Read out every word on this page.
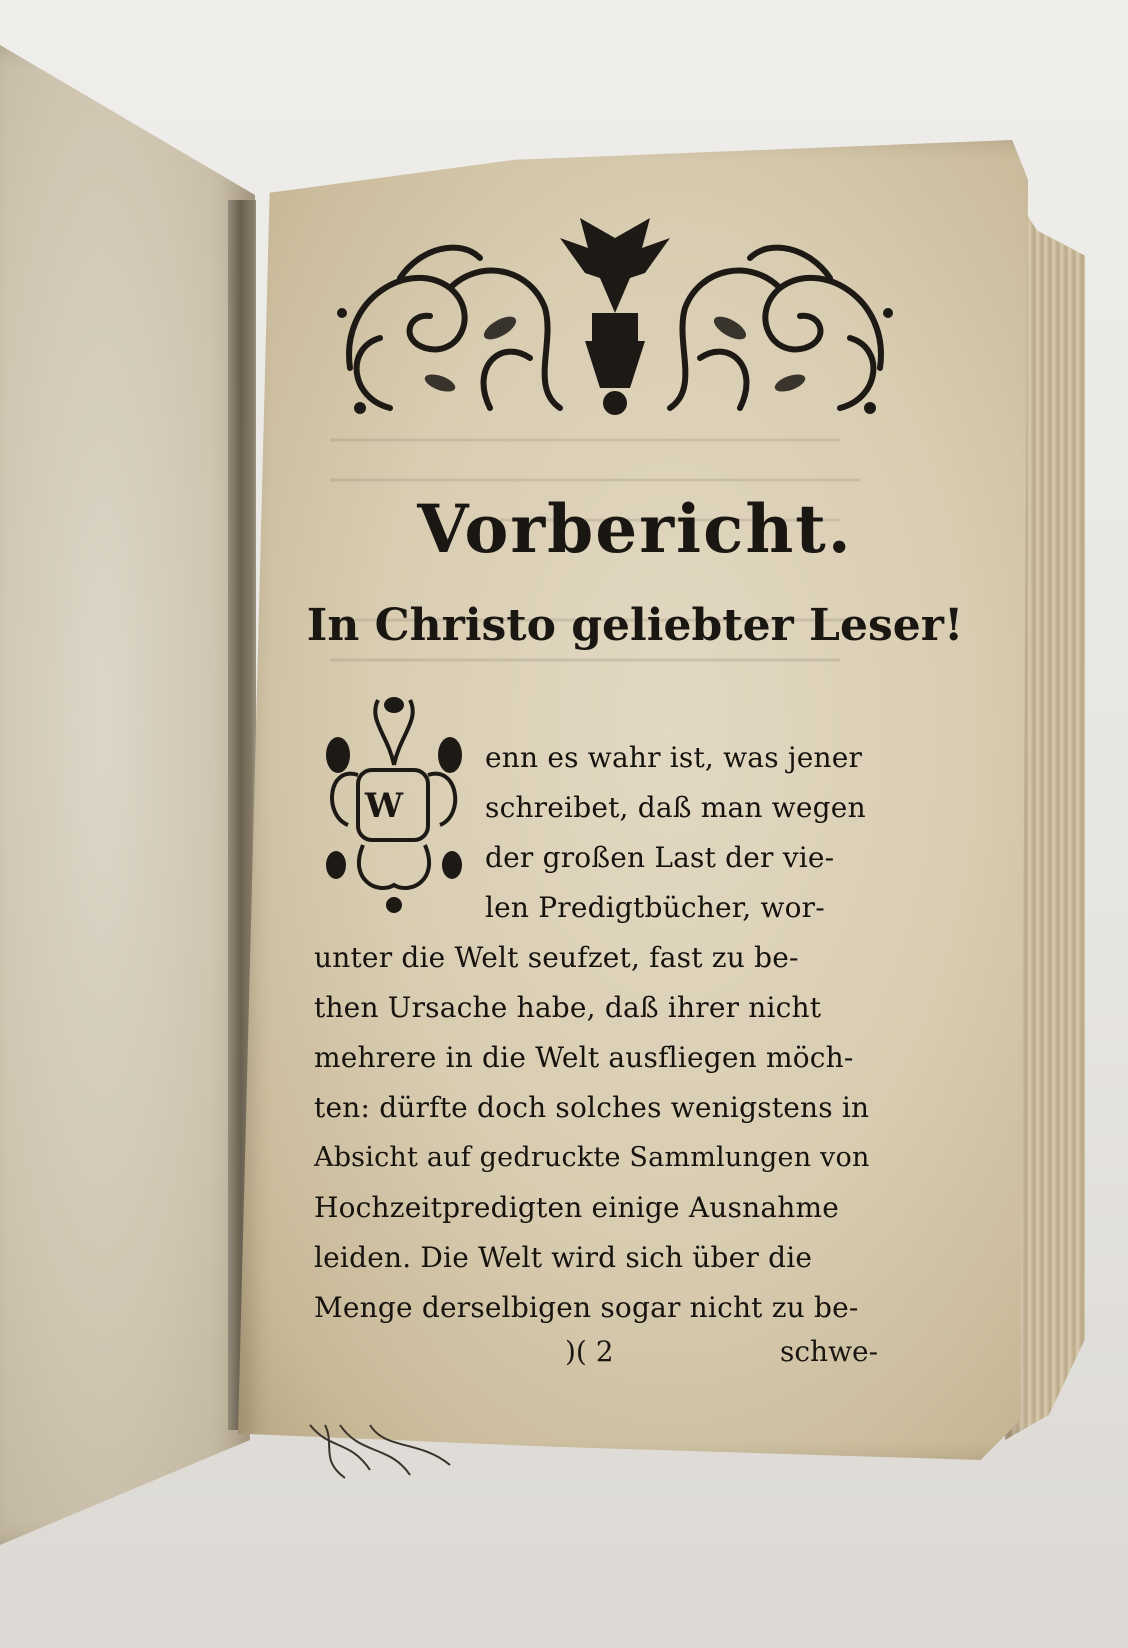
Vorbericht.
In Christo geliebter Leser!
W

enn es wahr ist, was jener

schreibet, daß man wegen

der großen Last der vie-

len Predigtbücher, wor-

unter die Welt seufzet, fast zu be-

then Ursache habe, daß ihrer nicht

mehrere in die Welt ausfliegen möch-

ten: dürfte doch solches wenigstens in

Absicht auf gedruckte Sammlungen von

Hochzeitpredigten einige Ausnahme

leiden. Die Welt wird sich über die

Menge derselbigen sogar nicht zu be-

)( 2	schwe-
